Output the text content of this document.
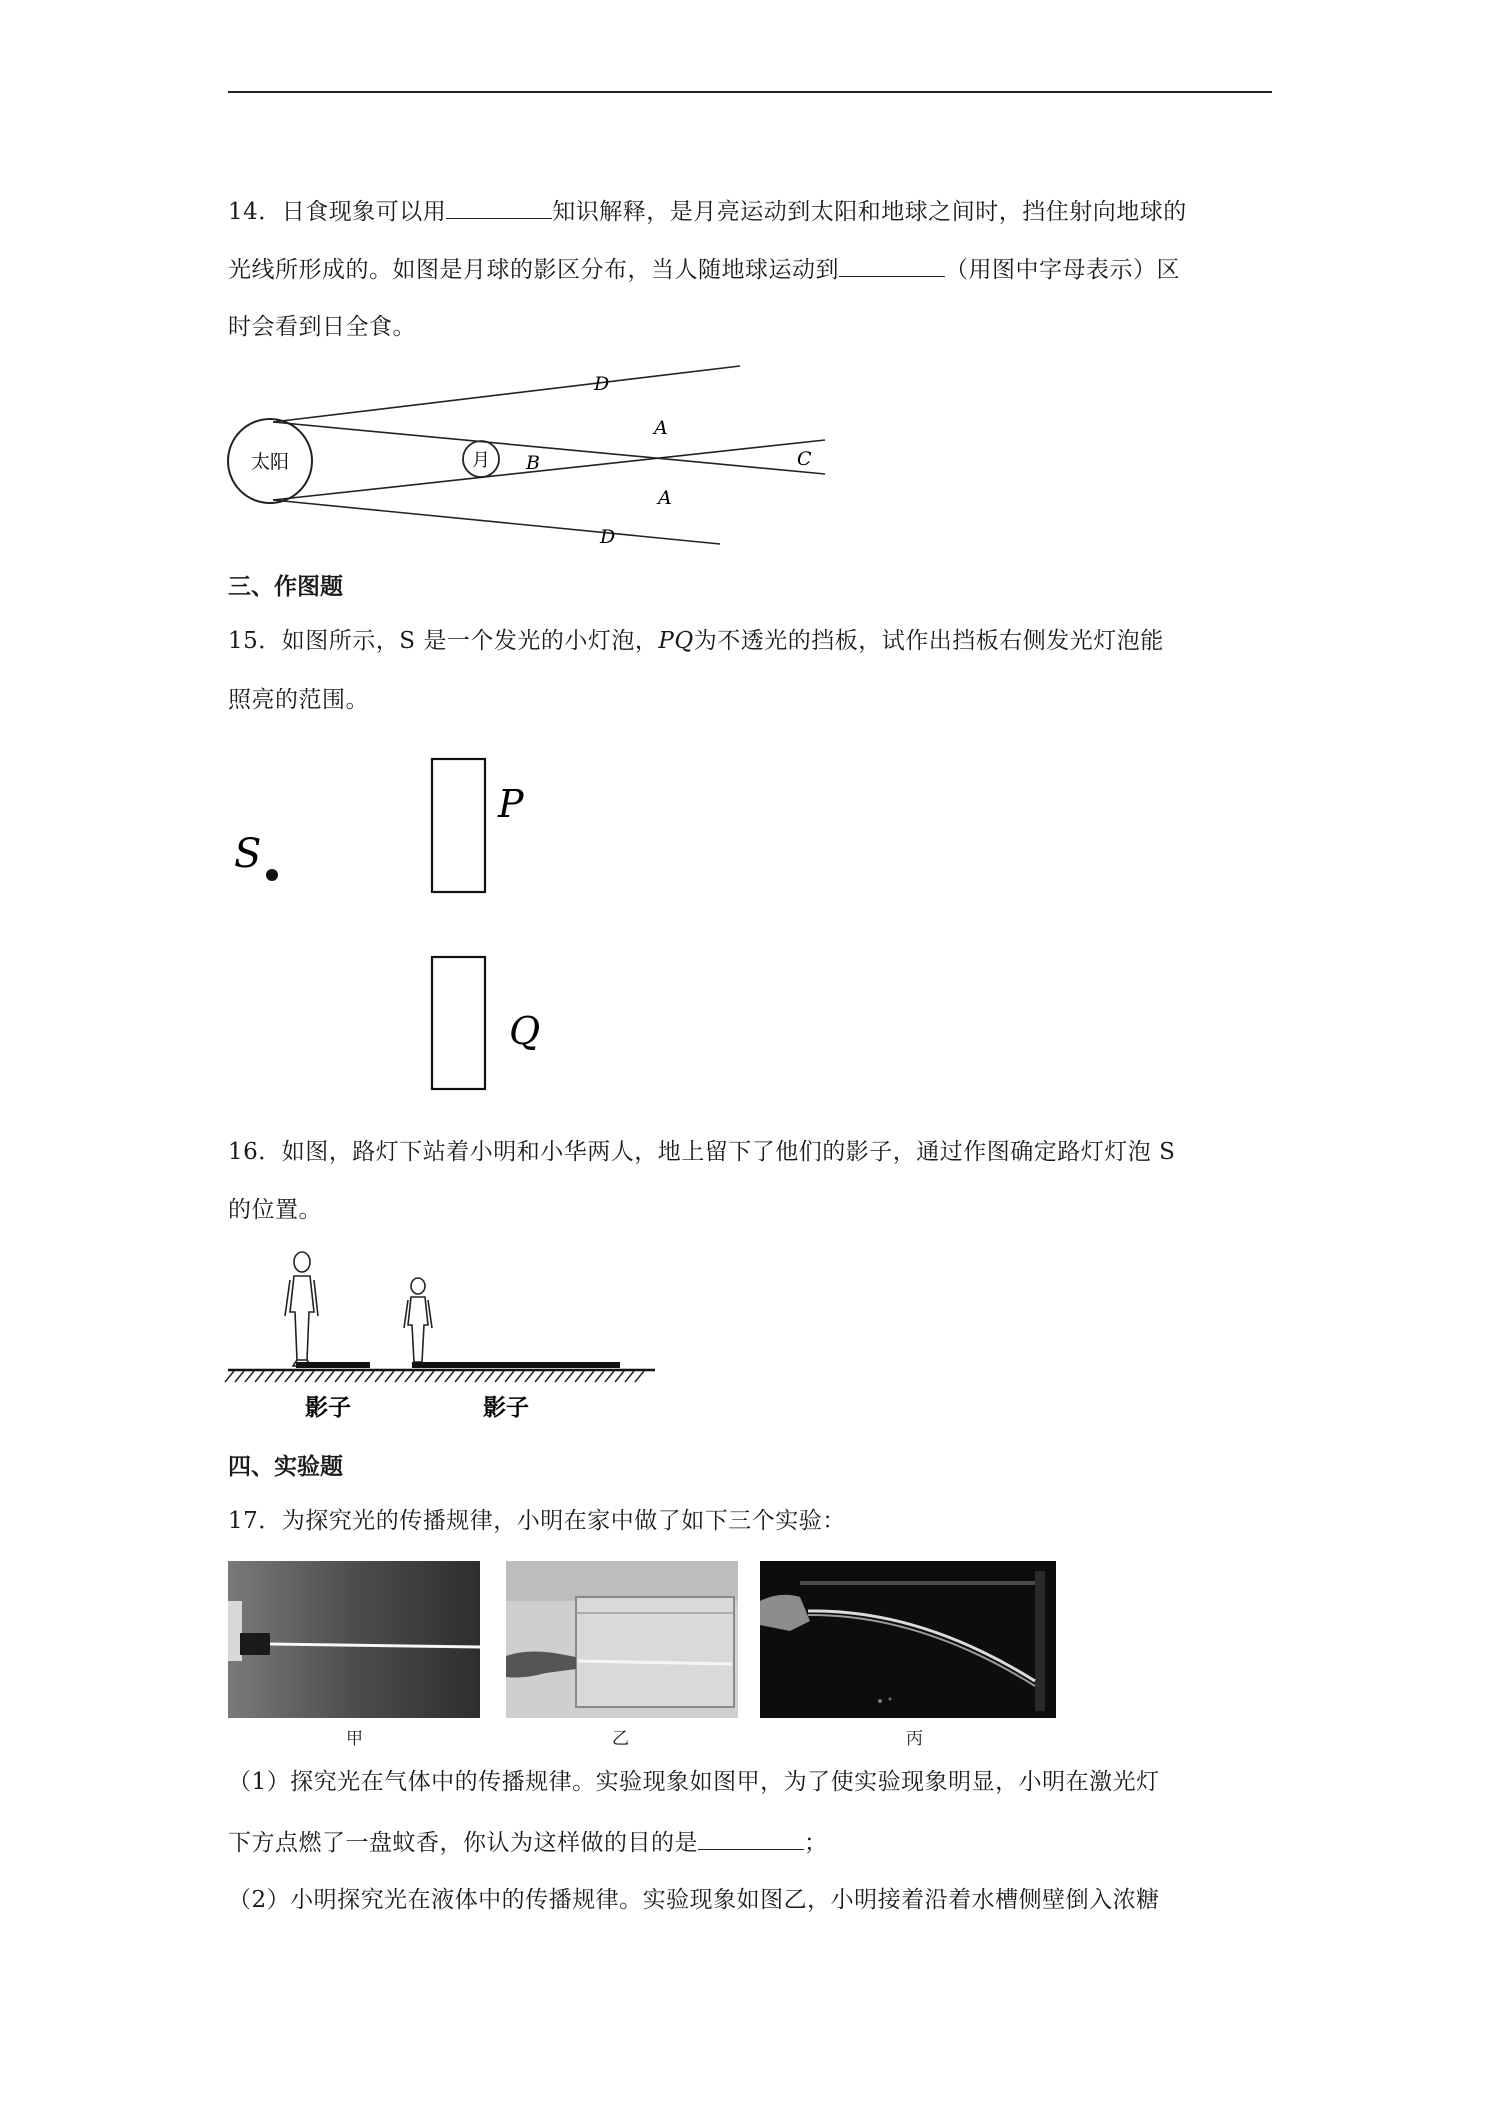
14．日食现象可以用	知识解释，是月亮运动到太阳和地球之间时，挡住射向地球的
光线所形成的。如图是月球的影区分布，当人随地球运动到	（用图中字母表示）区
时会看到日全食。
太阳	月
D
A
B	C
A
D
三、作图题
15．如图所示，S 是一个发光的小灯泡，PQ为不透光的挡板，试作出挡板右侧发光灯泡能
照亮的范围。
S
P
Q
16．如图，路灯下站着小明和小华两人，地上留下了他们的影子，通过作图确定路灯灯泡 S
的位置。
影子	影子
四、实验题
17．为探究光的传播规律，小明在家中做了如下三个实验：
甲	乙	丙
（1）探究光在气体中的传播规律。实验现象如图甲，为了使实验现象明显，小明在激光灯
下方点燃了一盘蚊香，你认为这样做的目的是	；
（2）小明探究光在液体中的传播规律。实验现象如图乙，小明接着沿着水槽侧壁倒入浓糖
